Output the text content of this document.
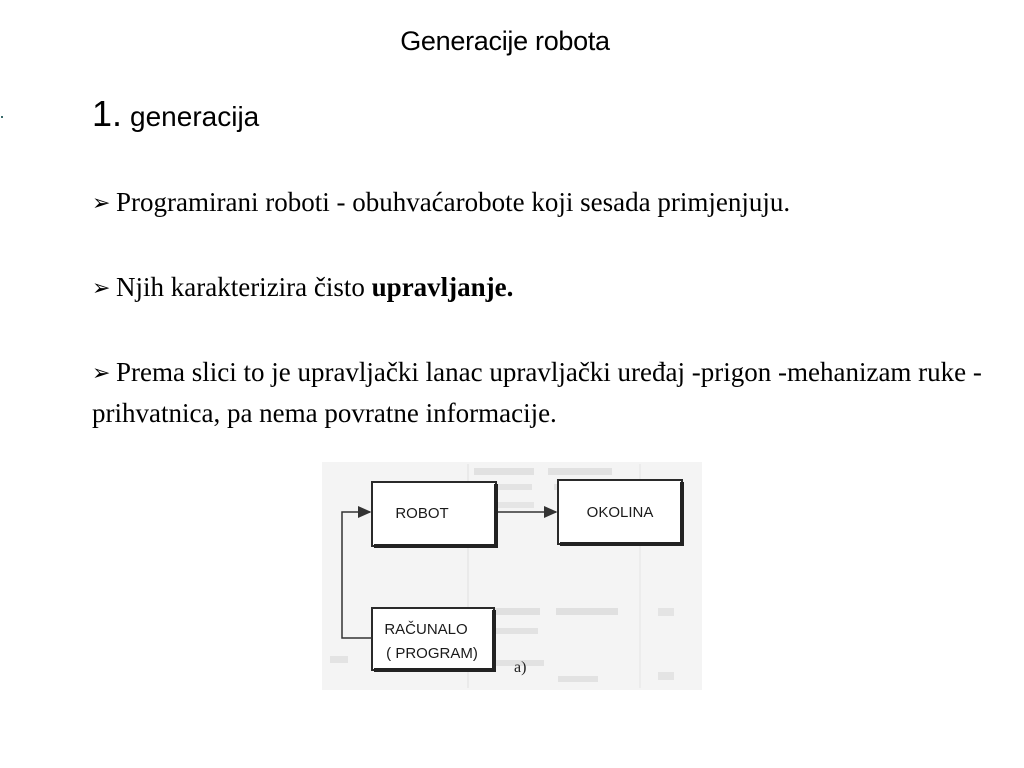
Generacije robota
1. generacija
➢ Programirani roboti - obuhvaćarobote koji sesada primjenjuju.
➢ Njih karakterizira čisto upravljanje.
➢ Prema slici to je upravljački lanac upravljački uređaj -prigon -mehanizam ruke -prihvatnica, pa nema povratne informacije.
ROBOT	OKOLINA
RAČUNALO
( PROGRAM)
a)
